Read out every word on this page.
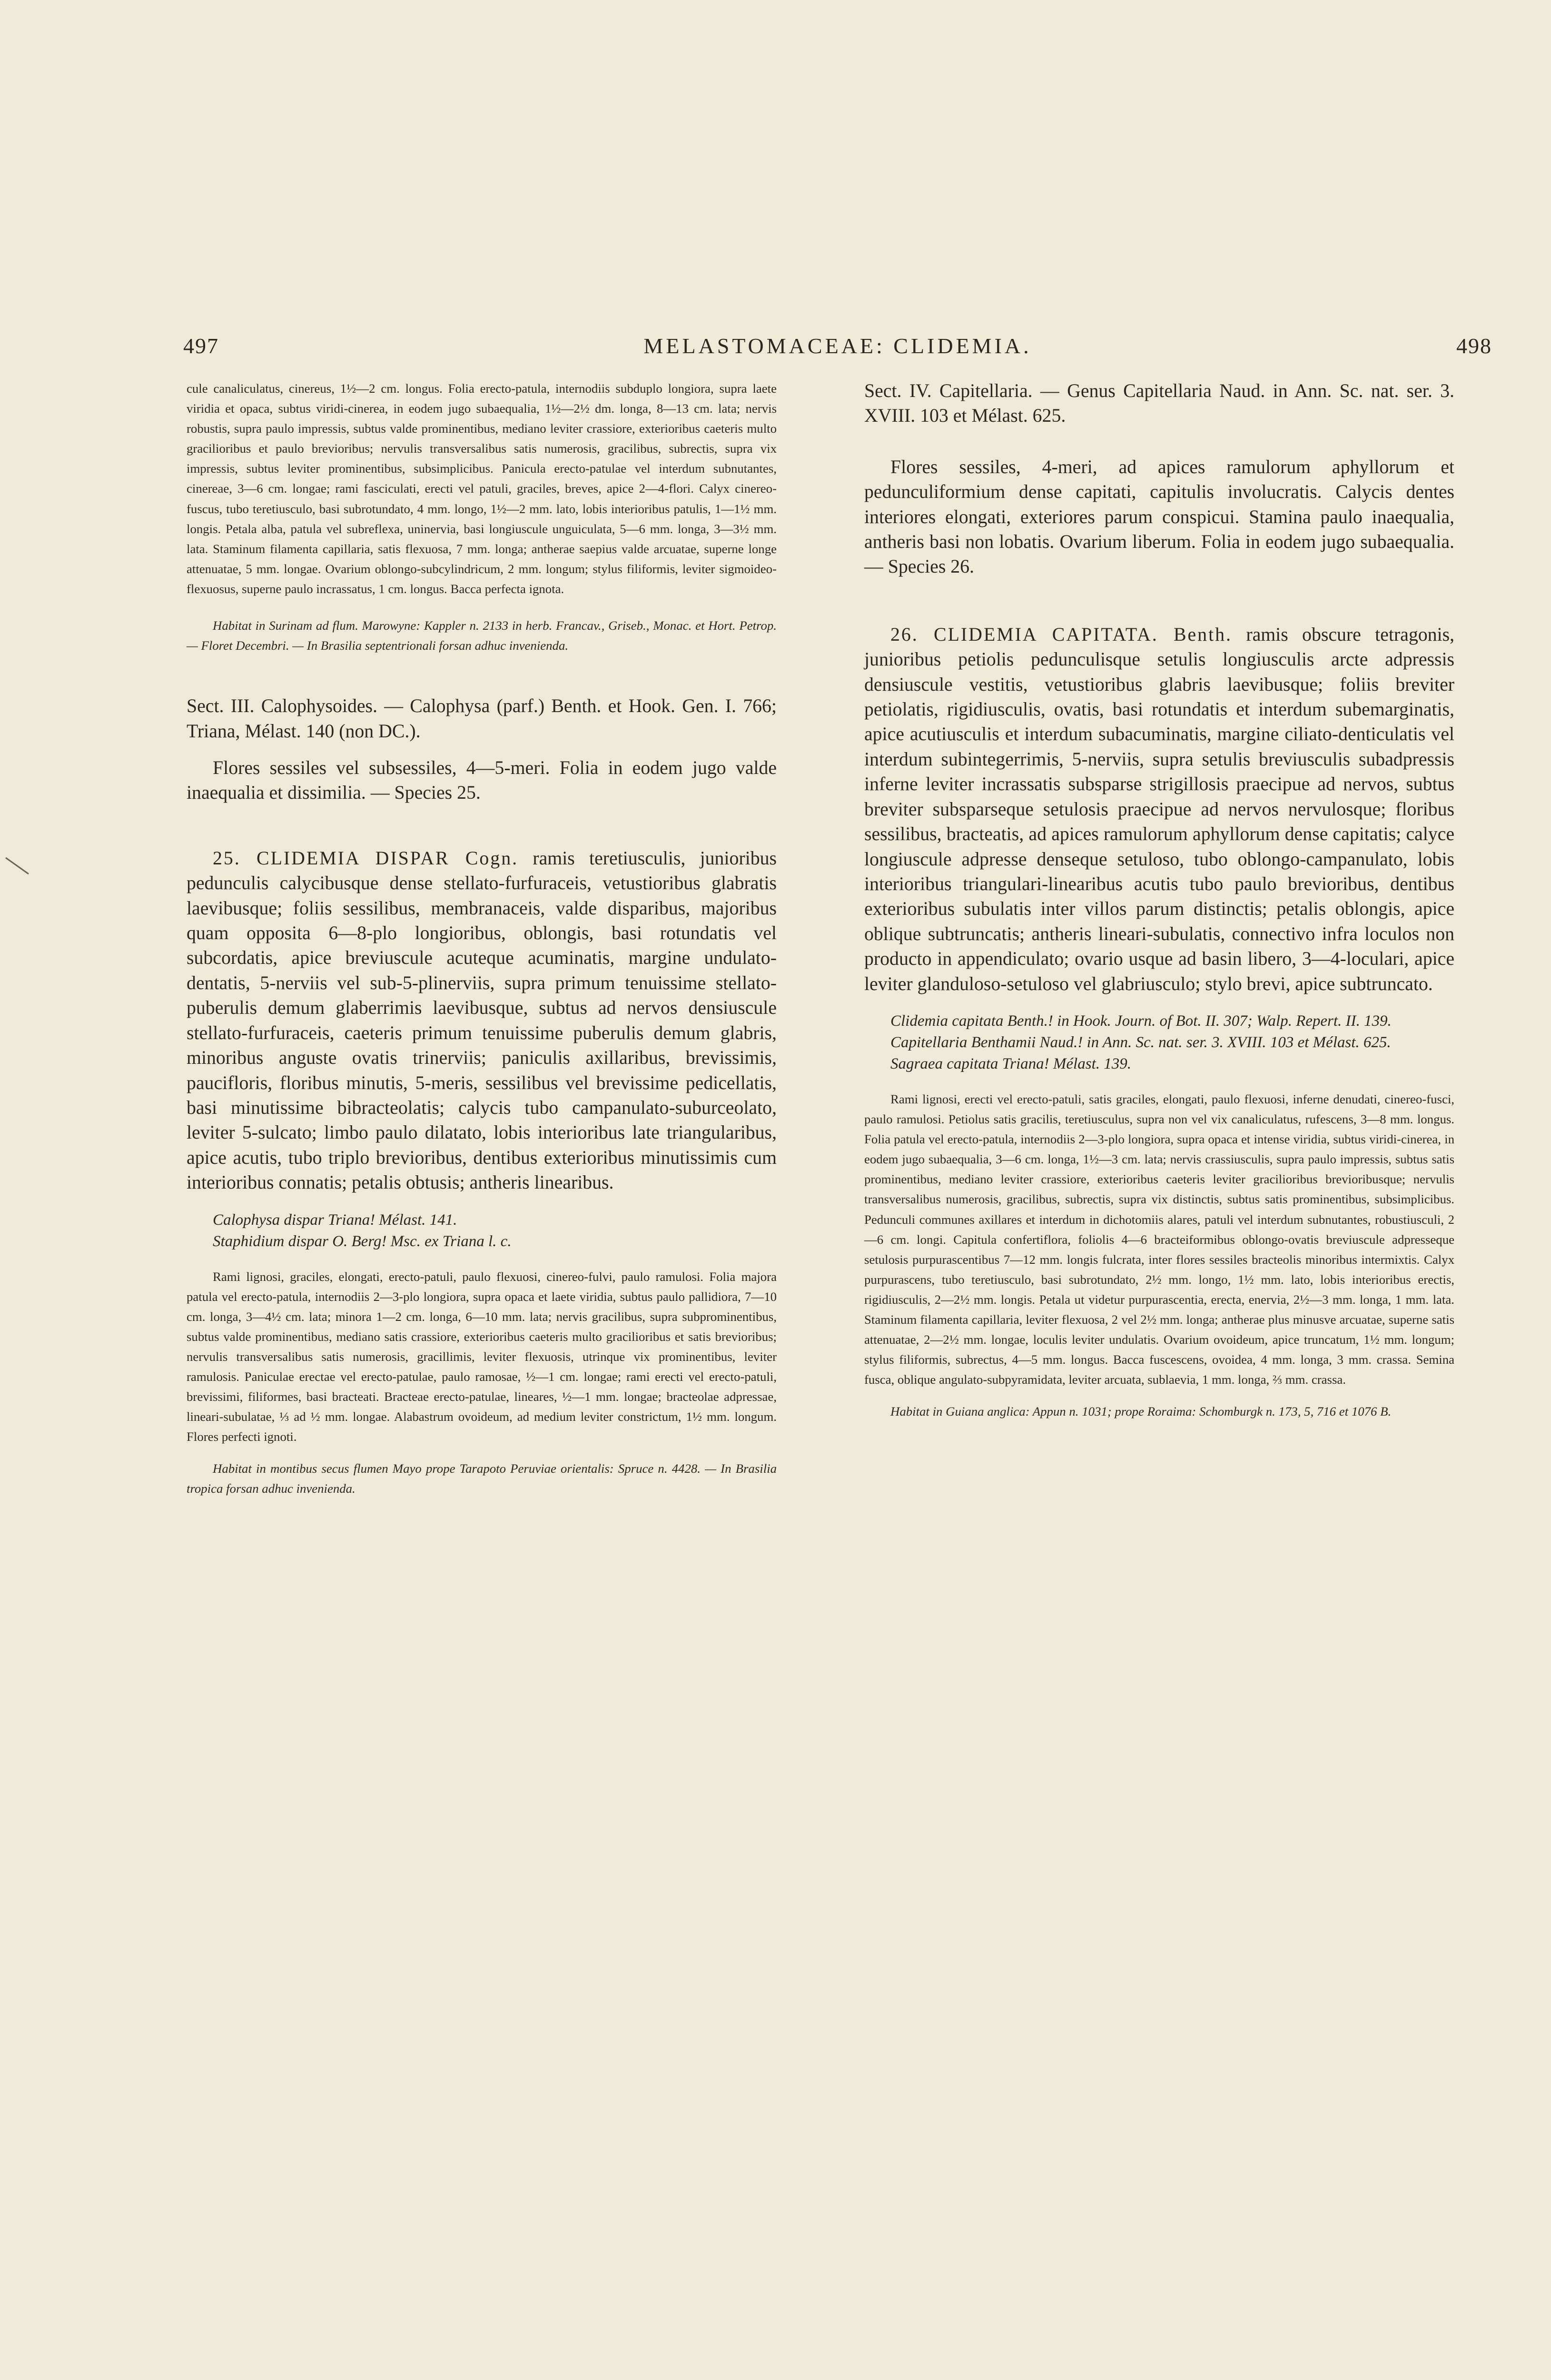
497	MELASTOMACEAE: CLIDEMIA.	498

cule canaliculatus, cinereus, 1½—2 cm. longus. Folia erecto-patula, internodiis subduplo longiora, supra laete viridia et opaca, subtus viridi-cinerea, in eodem jugo subaequalia, 1½—2½ dm. longa, 8—13 cm. lata; nervis robustis, supra paulo impressis, subtus valde prominentibus, mediano leviter crassiore, exterioribus caeteris multo gracilioribus et paulo brevioribus; nervulis transversalibus satis numerosis, gracilibus, subrectis, supra vix impressis, subtus leviter prominentibus, subsimplicibus. Panicula erecto-patulae vel interdum subnutantes, cinereae, 3—6 cm. longae; rami fasciculati, erecti vel patuli, graciles, breves, apice 2—4-flori. Calyx cinereo-fuscus, tubo teretiusculo, basi subrotundato, 4 mm. longo, 1½—2 mm. lato, lobis interioribus patulis, 1—1½ mm. longis. Petala alba, patula vel subreflexa, uninervia, basi longiuscule unguiculata, 5—6 mm. longa, 3—3½ mm. lata. Staminum filamenta capillaria, satis flexuosa, 7 mm. longa; antherae saepius valde arcuatae, superne longe attenuatae, 5 mm. longae. Ovarium oblongo-subcylindricum, 2 mm. longum; stylus filiformis, leviter sigmoideo-flexuosus, superne paulo incrassatus, 1 cm. longus. Bacca perfecta ignota.

Habitat in Surinam ad flum. Marowyne: Kappler n. 2133 in herb. Francav., Griseb., Monac. et Hort. Petrop. — Floret Decembri. — In Brasilia septentrionali forsan adhuc invenienda.

Sect. III. Calophysoides. — Calophysa (parf.) Benth. et Hook. Gen. I. 766; Triana, Mélast. 140 (non DC.).

Flores sessiles vel subsessiles, 4—5-meri. Folia in eodem jugo valde inaequalia et dissimilia. — Species 25.

25. CLIDEMIA DISPAR Cogn. ramis teretiusculis, junioribus pedunculis calycibusque dense stellato-furfuraceis, vetustioribus glabratis laevibusque; foliis sessilibus, membranaceis, valde disparibus, majoribus quam opposita 6—8-plo longioribus, oblongis, basi rotundatis vel subcordatis, apice breviuscule acuteque acuminatis, margine undulato-dentatis, 5-nerviis vel sub-5-plinerviis, supra primum tenuissime stellato-puberulis demum glaberrimis laevibusque, subtus ad nervos densiuscule stellato-furfuraceis, caeteris primum tenuissime puberulis demum glabris, minoribus anguste ovatis trinerviis; paniculis axillaribus, brevissimis, paucifloris, floribus minutis, 5-meris, sessilibus vel brevissime pedicellatis, basi minutissime bibracteolatis; calycis tubo campanulato-suburceolato, leviter 5-sulcato; limbo paulo dilatato, lobis interioribus late triangularibus, apice acutis, tubo triplo brevioribus, dentibus exterioribus minutissimis cum interioribus connatis; petalis obtusis; antheris linearibus.

Calophysa dispar Triana! Mélast. 141.

Staphidium dispar O. Berg! Msc. ex Triana l. c.

Rami lignosi, graciles, elongati, erecto-patuli, paulo flexuosi, cinereo-fulvi, paulo ramulosi. Folia majora patula vel erecto-patula, internodiis 2—3-plo longiora, supra opaca et laete viridia, subtus paulo pallidiora, 7—10 cm. longa, 3—4½ cm. lata; minora 1—2 cm. longa, 6—10 mm. lata; nervis gracilibus, supra subprominentibus, subtus valde prominentibus, mediano satis crassiore, exterioribus caeteris multo gracilioribus et satis brevioribus; nervulis transversalibus satis numerosis, gracillimis, leviter flexuosis, utrinque vix prominentibus, leviter ramulosis. Paniculae erectae vel erecto-patulae, paulo ramosae, ½—1 cm. longae; rami erecti vel erecto-patuli, brevissimi, filiformes, basi bracteati. Bracteae erecto-patulae, lineares, ½—1 mm. longae; bracteolae adpressae, lineari-subulatae, ⅓ ad ½ mm. longae. Alabastrum ovoideum, ad medium leviter constrictum, 1½ mm. longum. Flores perfecti ignoti.

Habitat in montibus secus flumen Mayo prope Tarapoto Peruviae orientalis: Spruce n. 4428. — In Brasilia tropica forsan adhuc invenienda.

Sect. IV. Capitellaria. — Genus Capitellaria Naud. in Ann. Sc. nat. ser. 3. XVIII. 103 et Mélast. 625.

Flores sessiles, 4-meri, ad apices ramulorum aphyllorum et pedunculiformium dense capitati, capitulis involucratis. Calycis dentes interiores elongati, exteriores parum conspicui. Stamina paulo inaequalia, antheris basi non lobatis. Ovarium liberum. Folia in eodem jugo subaequalia. — Species 26.

26. CLIDEMIA CAPITATA. Benth. ramis obscure tetragonis, junioribus petiolis pedunculisque setulis longiusculis arcte adpressis densiuscule vestitis, vetustioribus glabris laevibusque; foliis breviter petiolatis, rigidiusculis, ovatis, basi rotundatis et interdum subemarginatis, apice acutiusculis et interdum subacuminatis, margine ciliato-denticulatis vel interdum subintegerrimis, 5-nerviis, supra setulis breviusculis subadpressis inferne leviter incrassatis subsparse strigillosis praecipue ad nervos, subtus breviter subsparseque setulosis praecipue ad nervos nervulosque; floribus sessilibus, bracteatis, ad apices ramulorum aphyllorum dense capitatis; calyce longiuscule adpresse denseque setuloso, tubo oblongo-campanulato, lobis interioribus triangulari-linearibus acutis tubo paulo brevioribus, dentibus exterioribus subulatis inter villos parum distinctis; petalis oblongis, apice oblique subtruncatis; antheris lineari-subulatis, connectivo infra loculos non producto in appendiculato; ovario usque ad basin libero, 3—4-loculari, apice leviter glanduloso-setuloso vel glabriusculo; stylo brevi, apice subtruncato.

Clidemia capitata Benth.! in Hook. Journ. of Bot. II. 307; Walp. Repert. II. 139.

Capitellaria Benthamii Naud.! in Ann. Sc. nat. ser. 3. XVIII. 103 et Mélast. 625.

Sagraea capitata Triana! Mélast. 139.

Rami lignosi, erecti vel erecto-patuli, satis graciles, elongati, paulo flexuosi, inferne denudati, cinereo-fusci, paulo ramulosi. Petiolus satis gracilis, teretiusculus, supra non vel vix canaliculatus, rufescens, 3—8 mm. longus. Folia patula vel erecto-patula, internodiis 2—3-plo longiora, supra opaca et intense viridia, subtus viridi-cinerea, in eodem jugo subaequalia, 3—6 cm. longa, 1½—3 cm. lata; nervis crassiusculis, supra paulo impressis, subtus satis prominentibus, mediano leviter crassiore, exterioribus caeteris leviter gracilioribus brevioribusque; nervulis transversalibus numerosis, gracilibus, subrectis, supra vix distinctis, subtus satis prominentibus, subsimplicibus. Pedunculi communes axillares et interdum in dichotomiis alares, patuli vel interdum subnutantes, robustiusculi, 2—6 cm. longi. Capitula confertiflora, foliolis 4—6 bracteiformibus oblongo-ovatis breviuscule adpresseque setulosis purpurascentibus 7—12 mm. longis fulcrata, inter flores sessiles bracteolis minoribus intermixtis. Calyx purpurascens, tubo teretiusculo, basi subrotundato, 2½ mm. longo, 1½ mm. lato, lobis interioribus erectis, rigidiusculis, 2—2½ mm. longis. Petala ut videtur purpurascentia, erecta, enervia, 2½—3 mm. longa, 1 mm. lata. Staminum filamenta capillaria, leviter flexuosa, 2 vel 2½ mm. longa; antherae plus minusve arcuatae, superne satis attenuatae, 2—2½ mm. longae, loculis leviter undulatis. Ovarium ovoideum, apice truncatum, 1½ mm. longum; stylus filiformis, subrectus, 4—5 mm. longus. Bacca fuscescens, ovoidea, 4 mm. longa, 3 mm. crassa. Semina fusca, oblique angulato-subpyramidata, leviter arcuata, sublaevia, 1 mm. longa, ⅔ mm. crassa.

Habitat in Guiana anglica: Appun n. 1031; prope Roraima: Schomburgk n. 173, 5, 716 et 1076 B.
